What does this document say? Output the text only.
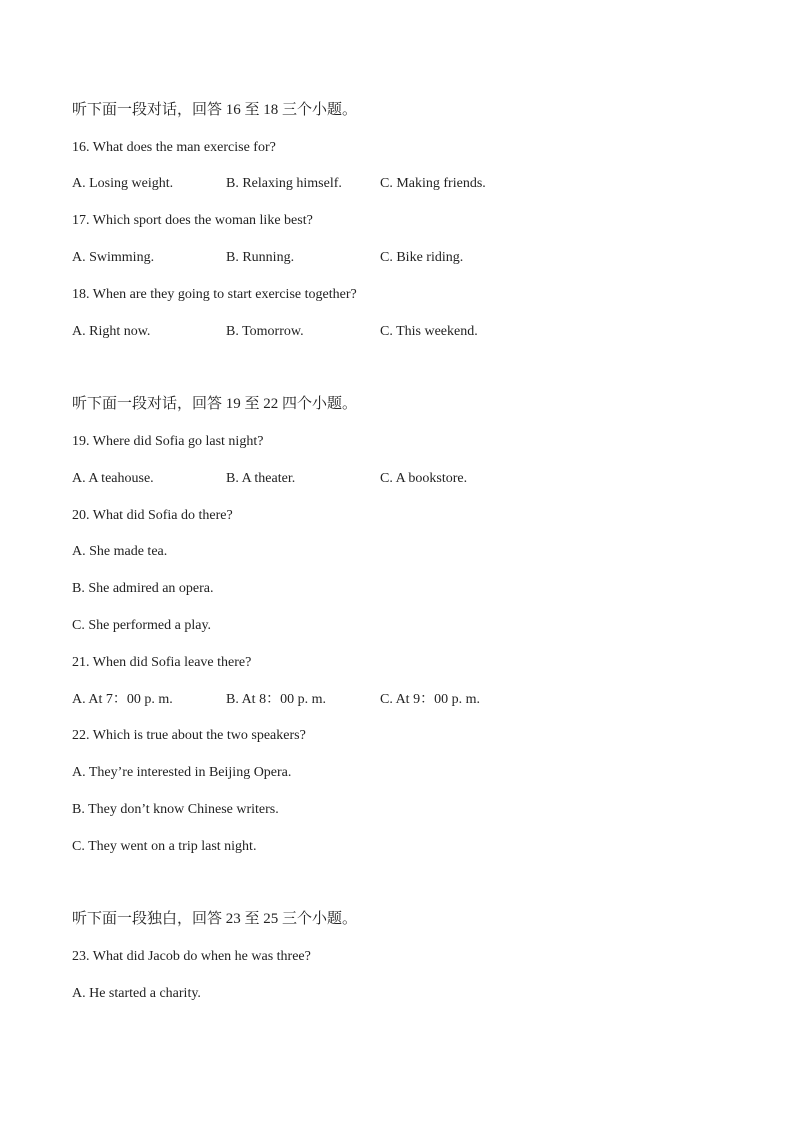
听下面一段对话，回答 16 至 18 三个小题。
16. What does the man exercise for?
A. Losing weight.	B. Relaxing himself.	C. Making friends.
17. Which sport does the woman like best?
A. Swimming.	B. Running.	C. Bike riding.
18. When are they going to start exercise together?
A. Right now.	B. Tomorrow.	C. This weekend.
听下面一段对话，回答 19 至 22 四个小题。
19. Where did Sofia go last night?
A. A teahouse.	B. A theater.	C. A bookstore.
20. What did Sofia do there?
A. She made tea.
B. She admired an opera.
C. She performed a play.
21. When did Sofia leave there?
A. At 7：00 p. m.	B. At 8：00 p. m.	C. At 9：00 p. m.
22. Which is true about the two speakers?
A. They’re interested in Beijing Opera.
B. They don’t know Chinese writers.
C. They went on a trip last night.
听下面一段独白，回答 23 至 25 三个小题。
23. What did Jacob do when he was three?
A. He started a charity.
